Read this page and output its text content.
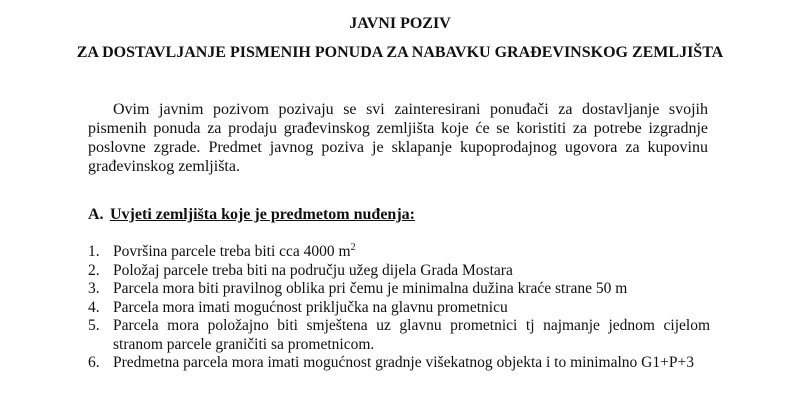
JAVNI POZIV
ZA DOSTAVLJANJE PISMENIH PONUDA ZA NABAVKU GRAĐEVINSKOG ZEMLJIŠTA

Ovim javnim pozivom pozivaju se svi zainteresirani ponuđači za dostavljanje svojih pismenih ponuda za prodaju građevinskog zemljišta koje će se koristiti za potrebe izgradnje poslovne zgrade. Predmet javnog poziva je sklapanje kupoprodajnog ugovora za kupovinu građevinskog zemljišta.

A. Uvjeti zemljišta koje je predmetom nuđenja:
1. Površina parcele treba biti cca 4000 $m^2$
2. Položaj parcele treba biti na području užeg dijela Grada Mostara
3. Parcela mora biti pravilnog oblika pri čemu je minimalna dužina kraće strane 50 m
4. Parcela mora imati mogućnost priključka na glavnu prometnicu
5. Parcela mora položajno biti smještena uz glavnu prometnici tj najmanje jednom cijelom stranom parcele graničiti sa prometnicom.
6. Predmetna parcela mora imati mogućnost gradnje višekatnog objekta i to minimalno G1+P+3
